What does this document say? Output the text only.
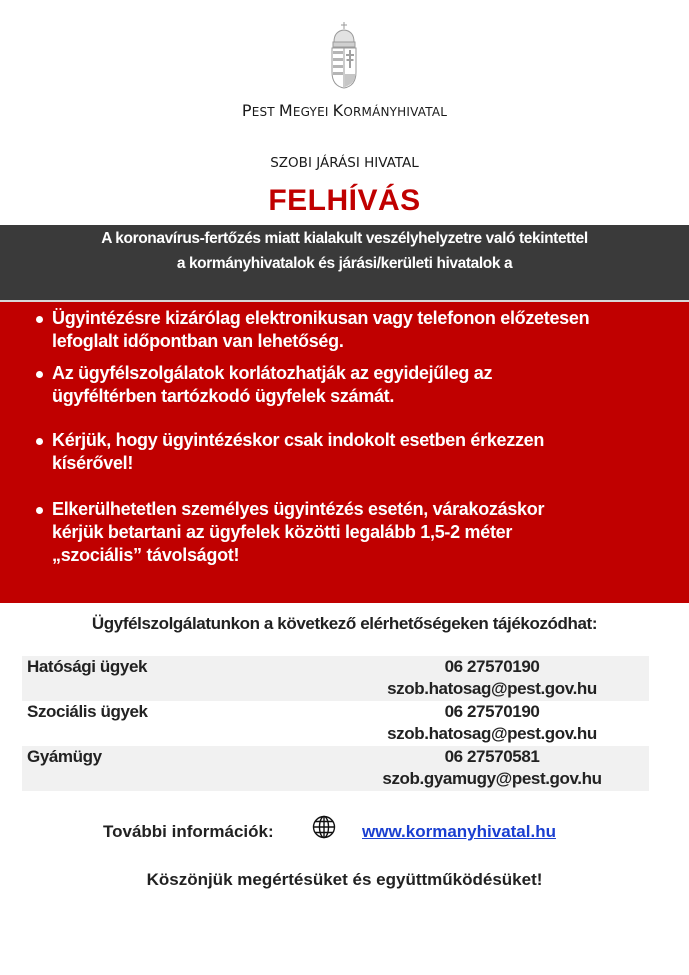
PEST MEGYEI KORMÁNYHIVATAL
SZOBI JÁRÁSI HIVATAL
FELHÍVÁS
A koronavírus-fertőzés miatt kialakult veszélyhelyzetre való tekintettel
a kormányhivatalok és járási/kerületi hivatalok a
Ügyintézésre kizárólag elektronikusan vagy telefonon előzetesen
lefoglalt időpontban van lehetőség.
Az ügyfélszolgálatok korlátozhatják az egyidejűleg az
ügyféltérben tartózkodó ügyfelek számát.
Kérjük, hogy ügyintézéskor csak indokolt esetben érkezzen
kísérővel!
Elkerülhetetlen személyes ügyintézés esetén, várakozáskor
kérjük betartani az ügyfelek közötti legalább 1,5-2 méter
„szociális” távolságot!
Ügyfélszolgálatunkon a következő elérhetőségeken tájékozódhat:
Hatósági ügyek	06 27570190
szob.hatosag@pest.gov.hu
Szociális ügyek	06 27570190
szob.hatosag@pest.gov.hu
Gyámügy	06 27570581
szob.gyamugy@pest.gov.hu
További információk:	www.kormanyhivatal.hu
Köszönjük megértésüket és együttműködésüket!
